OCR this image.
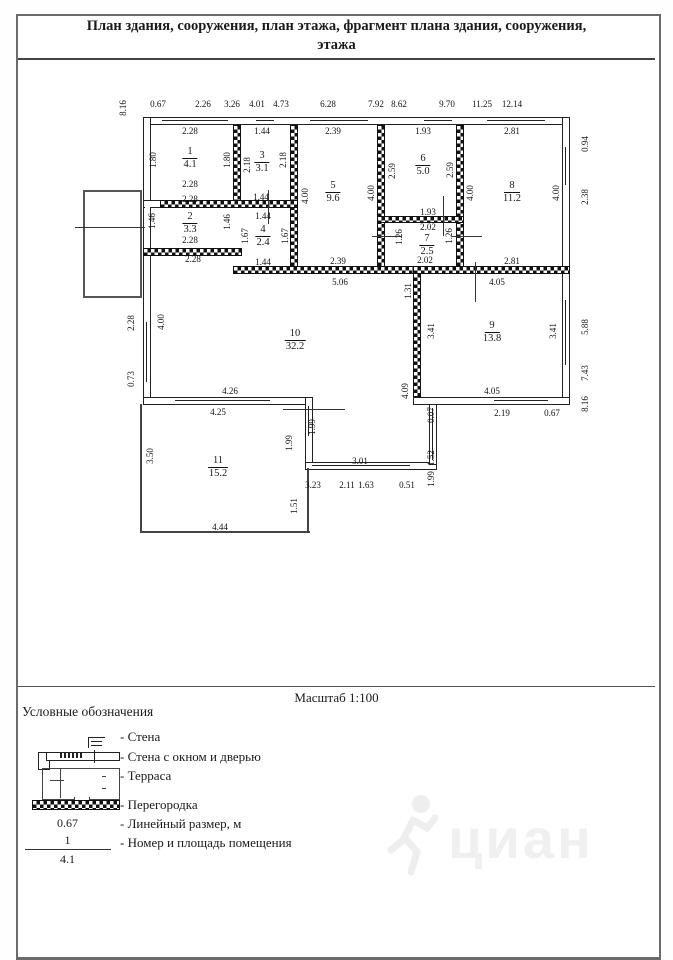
План здания, сооружения, план этажа, фрагмент плана здания, сооружения,
этажа
8.16 0.67	2.26 3.26 4.01 4.73	6.28	7.92 8.62	9.70 11.25 12.14
2.28	1.44	2.39	1.93	2.81
1.80	1.80 2.18	2.18
4.00	4.00
2.59	2.59
4.00	4.00
0.94
2.38
2.28
2.28
1.46	1.46
2.28
2.28
1.44
1.44
1.67	1.67
1.44
1.93
2.02
1.26	1.26
2.02
2.39
5.06
2.81
4.05
1.31
3.41	3.41
2.28 4.00
0.73
5.88
7.43
8.16
4.26
4.25
4.09
0.07
4.05
2.19	0.67
3.50
1.99
1.99
3.01
3.23 2.11 1.63	0.51
1.52
1.99
1.51
4.44
1
4.1
3
3.1
5
9.6
6
5.0
8
11.2
2
3.3	4
2.4	7
2.5
9
13.8
10
32.2
11
15.2
Масштаб 1:100
Условные обозначения
- Стена
- Стена с окном и дверью
- Терраса
- Перегородка
0.67	- Линейный размер, м
1
4.1
- Номер и площадь помещения	циан
